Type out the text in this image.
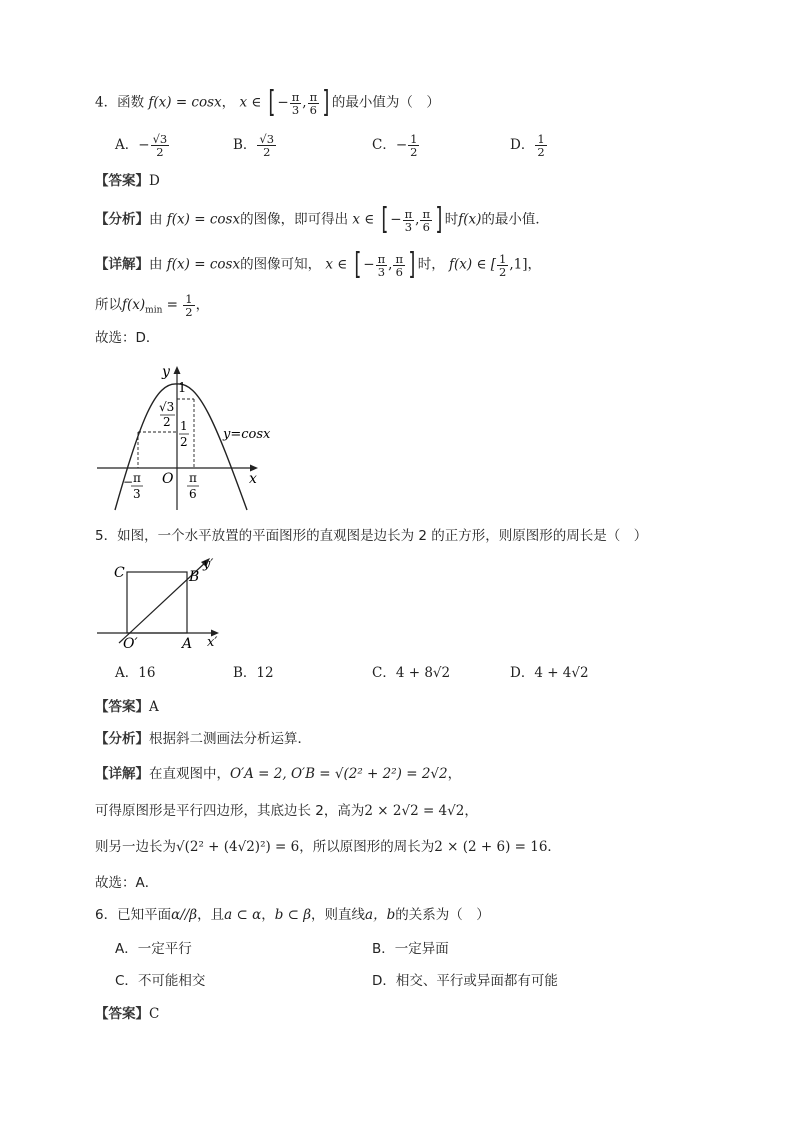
4．函数 f(x) = cosx， x ∈ [ − $\frac{\pi}{3}$ , $\frac{\pi}{6}$ ] 的最小值为（　）
A．− $\frac{√3}{2}$	B． $\frac{√3}{2}$	C．− $\frac{1}{2}$	D． $\frac{1}{2}$
【答案】D
【分析】由 f(x) = cosx的图像，即可得出 x ∈ [ − $\frac{\pi}{3}$ , $\frac{\pi}{6}$ ] 时f(x)的最小值．
【详解】由 f(x) = cosx的图像可知， x ∈ [ − $\frac{\pi}{3}$ , $\frac{\pi}{6}$ ] 时， f(x) ∈ [ $\frac{1}{2} ,1$]，
所以$f(x)_{min} = \frac{1}{2}$ ，
故选：D．
y
x
O
1
√3
2 1
2	y=cosx
− π
3
π
6
5．如图，一个水平放置的平面图形的直观图是边长为 2 的正方形，则原图形的周长是（　）
C	B
y′
O′	A x′
A．16	B．12	C．4 + 8√2	D．4 + 4√2
【答案】A
【分析】根据斜二测画法分析运算．
【详解】在直观图中，O′A = 2, O′B = √(2² + 2²) = 2√2，
可得原图形是平行四边形，其底边长 2，高为2 × 2√2 = 4√2，
则另一边长为√(2² + (4√2)²) = 6，所以原图形的周长为2 × (2 + 6) = 16．
故选：A．
6．已知平面α//β，且a ⊂ α，b ⊂ β，则直线a，b的关系为（　）
A．一定平行	B．一定异面
C．不可能相交	D．相交、平行或异面都有可能
【答案】C
